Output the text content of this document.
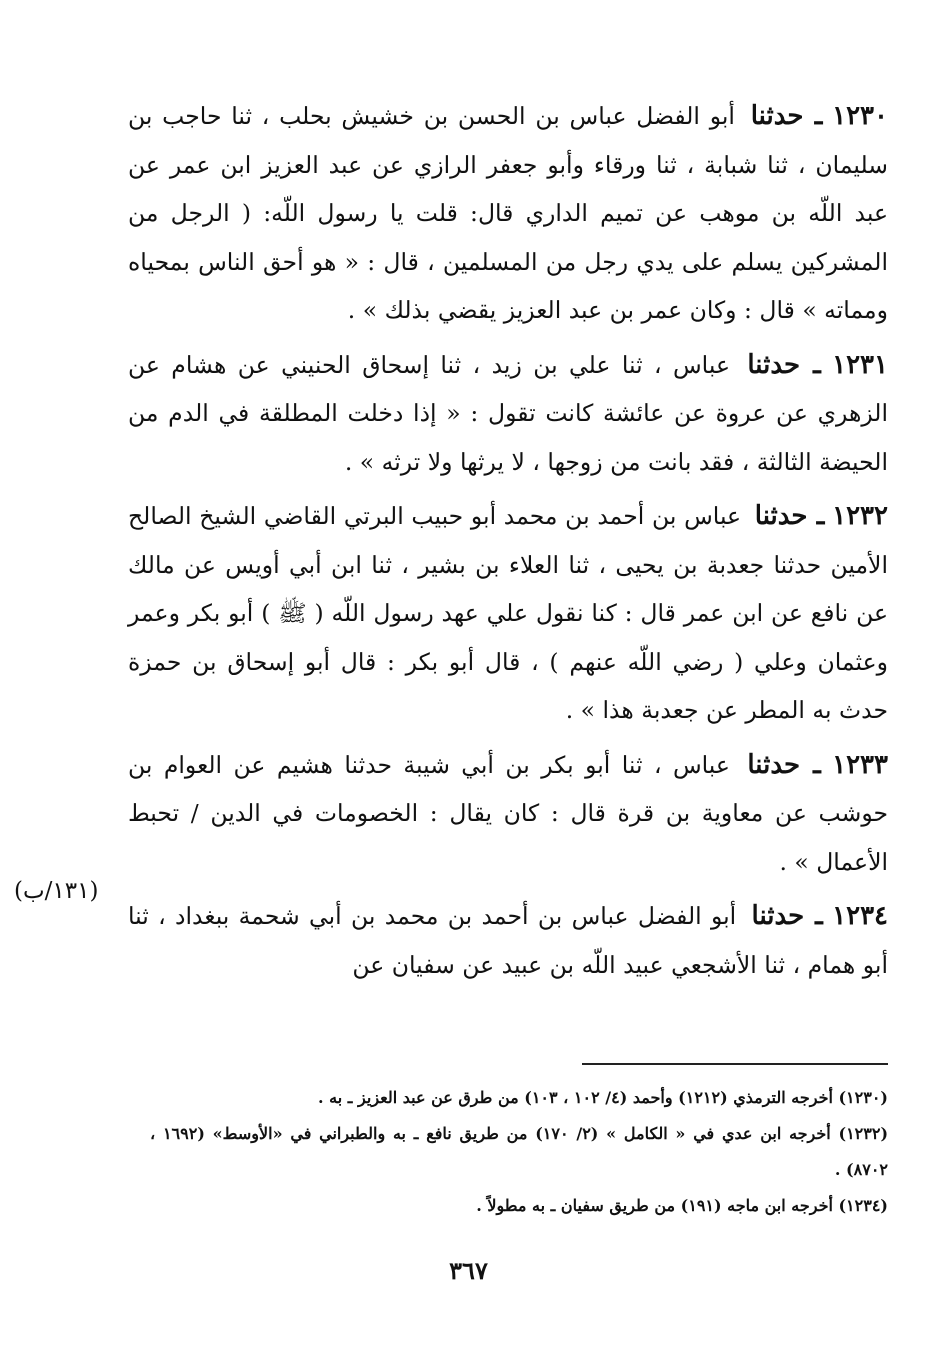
١٢٣٠ ـ حدثنا أبو الفضل عباس بن الحسن بن خشيش بحلب ، ثنا حاجب بن سليمان ، ثنا شبابة ، ثنا ورقاء وأبو جعفر الرازي عن عبد العزيز ابن عمر عن عبد اللّه بن موهب عن تميم الداري قال: قلت يا رسول اللّه: ( الرجل من المشركين يسلم على يدي رجل من المسلمين ، قال : « هو أحق الناس بمحياه ومماته » قال : وكان عمر بن عبد العزيز يقضي بذلك » .

١٢٣١ ـ حدثنا عباس ، ثنا علي بن زيد ، ثنا إسحاق الحنيني عن هشام عن الزهري عن عروة عن عائشة كانت تقول : « إذا دخلت المطلقة في الدم من الحيضة الثالثة ، فقد بانت من زوجها ، لا يرثها ولا ترثه » .

١٢٣٢ ـ حدثنا عباس بن أحمد بن محمد أبو حبيب البرتي القاضي الشيخ الصالح الأمين حدثنا جعدبة بن يحيى ، ثنا العلاء بن بشير ، ثنا ابن أبي أويس عن مالك عن نافع عن ابن عمر قال : كنا نقول علي عهد رسول اللّه ( ﷺ ) أبو بكر وعمر وعثمان وعلي ( رضي اللّه عنهم ) ، قال أبو بكر : قال أبو إسحاق بن حمزة حدث به المطر عن جعدبة هذا » .

١٢٣٣ ـ حدثنا عباس ، ثنا أبو بكر بن أبي شيبة حدثنا هشيم عن العوام بن حوشب عن معاوية بن قرة قال : كان يقال : الخصومات في الدين / تحبط الأعمال » .

١٢٣٤ ـ حدثنا أبو الفضل عباس بن أحمد بن محمد بن أبي شحمة ببغداد ، ثنا أبو همام ، ثنا الأشجعي عبيد اللّه بن عبيد عن سفيان عن

(١٣١/ب)

(١٢٣٠) أخرجه الترمذي (١٢١٢) وأحمد (٤/ ١٠٢ ، ١٠٣) من طرق عن عبد العزيز ـ به .

(١٢٣٢) أخرجه ابن عدي في « الكامل » (٢/ ١٧٠) من طريق نافع ـ به والطبراني في «الأوسط» (١٦٩٢ ، ٨٧٠٢) .

(١٢٣٤) أخرجه ابن ماجه (١٩١) من طريق سفيان ـ به مطولاً .

٣٦٧
